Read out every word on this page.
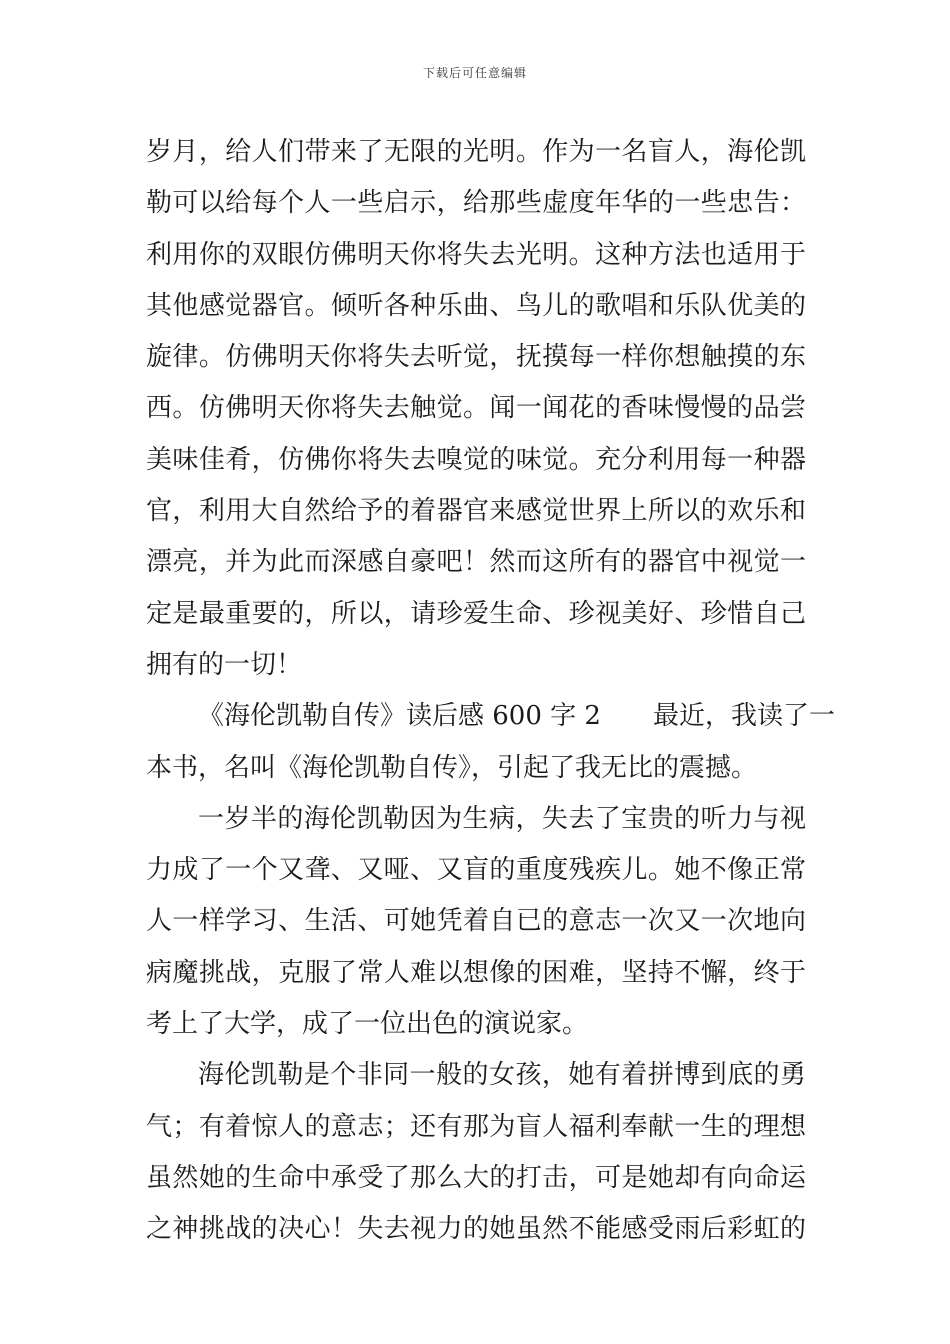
下载后可任意编辑
岁月，给人们带来了无限的光明。作为一名盲人，海伦凯
勒可以给每个人一些启示，给那些虚度年华的一些忠告：
利用你的双眼仿佛明天你将失去光明。这种方法也适用于
其他感觉器官。倾听各种乐曲、鸟儿的歌唱和乐队优美的
旋律。仿佛明天你将失去听觉，抚摸每一样你想触摸的东
西。仿佛明天你将失去触觉。闻一闻花的香味慢慢的品尝
美味佳肴，仿佛你将失去嗅觉的味觉。充分利用每一种器
官，利用大自然给予的着器官来感觉世界上所以的欢乐和
漂亮，并为此而深感自豪吧！然而这所有的器官中视觉一
定是最重要的，所以，请珍爱生命、珍视美好、珍惜自己
拥有的一切！
《海伦凯勒自传》读后感 600 字 2 最近，我读了一
本书，名叫《海伦凯勒自传》，引起了我无比的震撼。
一岁半的海伦凯勒因为生病，失去了宝贵的听力与视
力成了一个又聋、又哑、又盲的重度残疾儿。她不像正常
人一样学习、生活、可她凭着自已的意志一次又一次地向
病魔挑战，克服了常人难以想像的困难，坚持不懈，终于
考上了大学，成了一位出色的演说家。
海伦凯勒是个非同一般的女孩，她有着拼博到底的勇
气；有着惊人的意志；还有那为盲人福利奉献一生的理想
虽然她的生命中承受了那么大的打击，可是她却有向命运
之神挑战的决心！失去视力的她虽然不能感受雨后彩虹的
